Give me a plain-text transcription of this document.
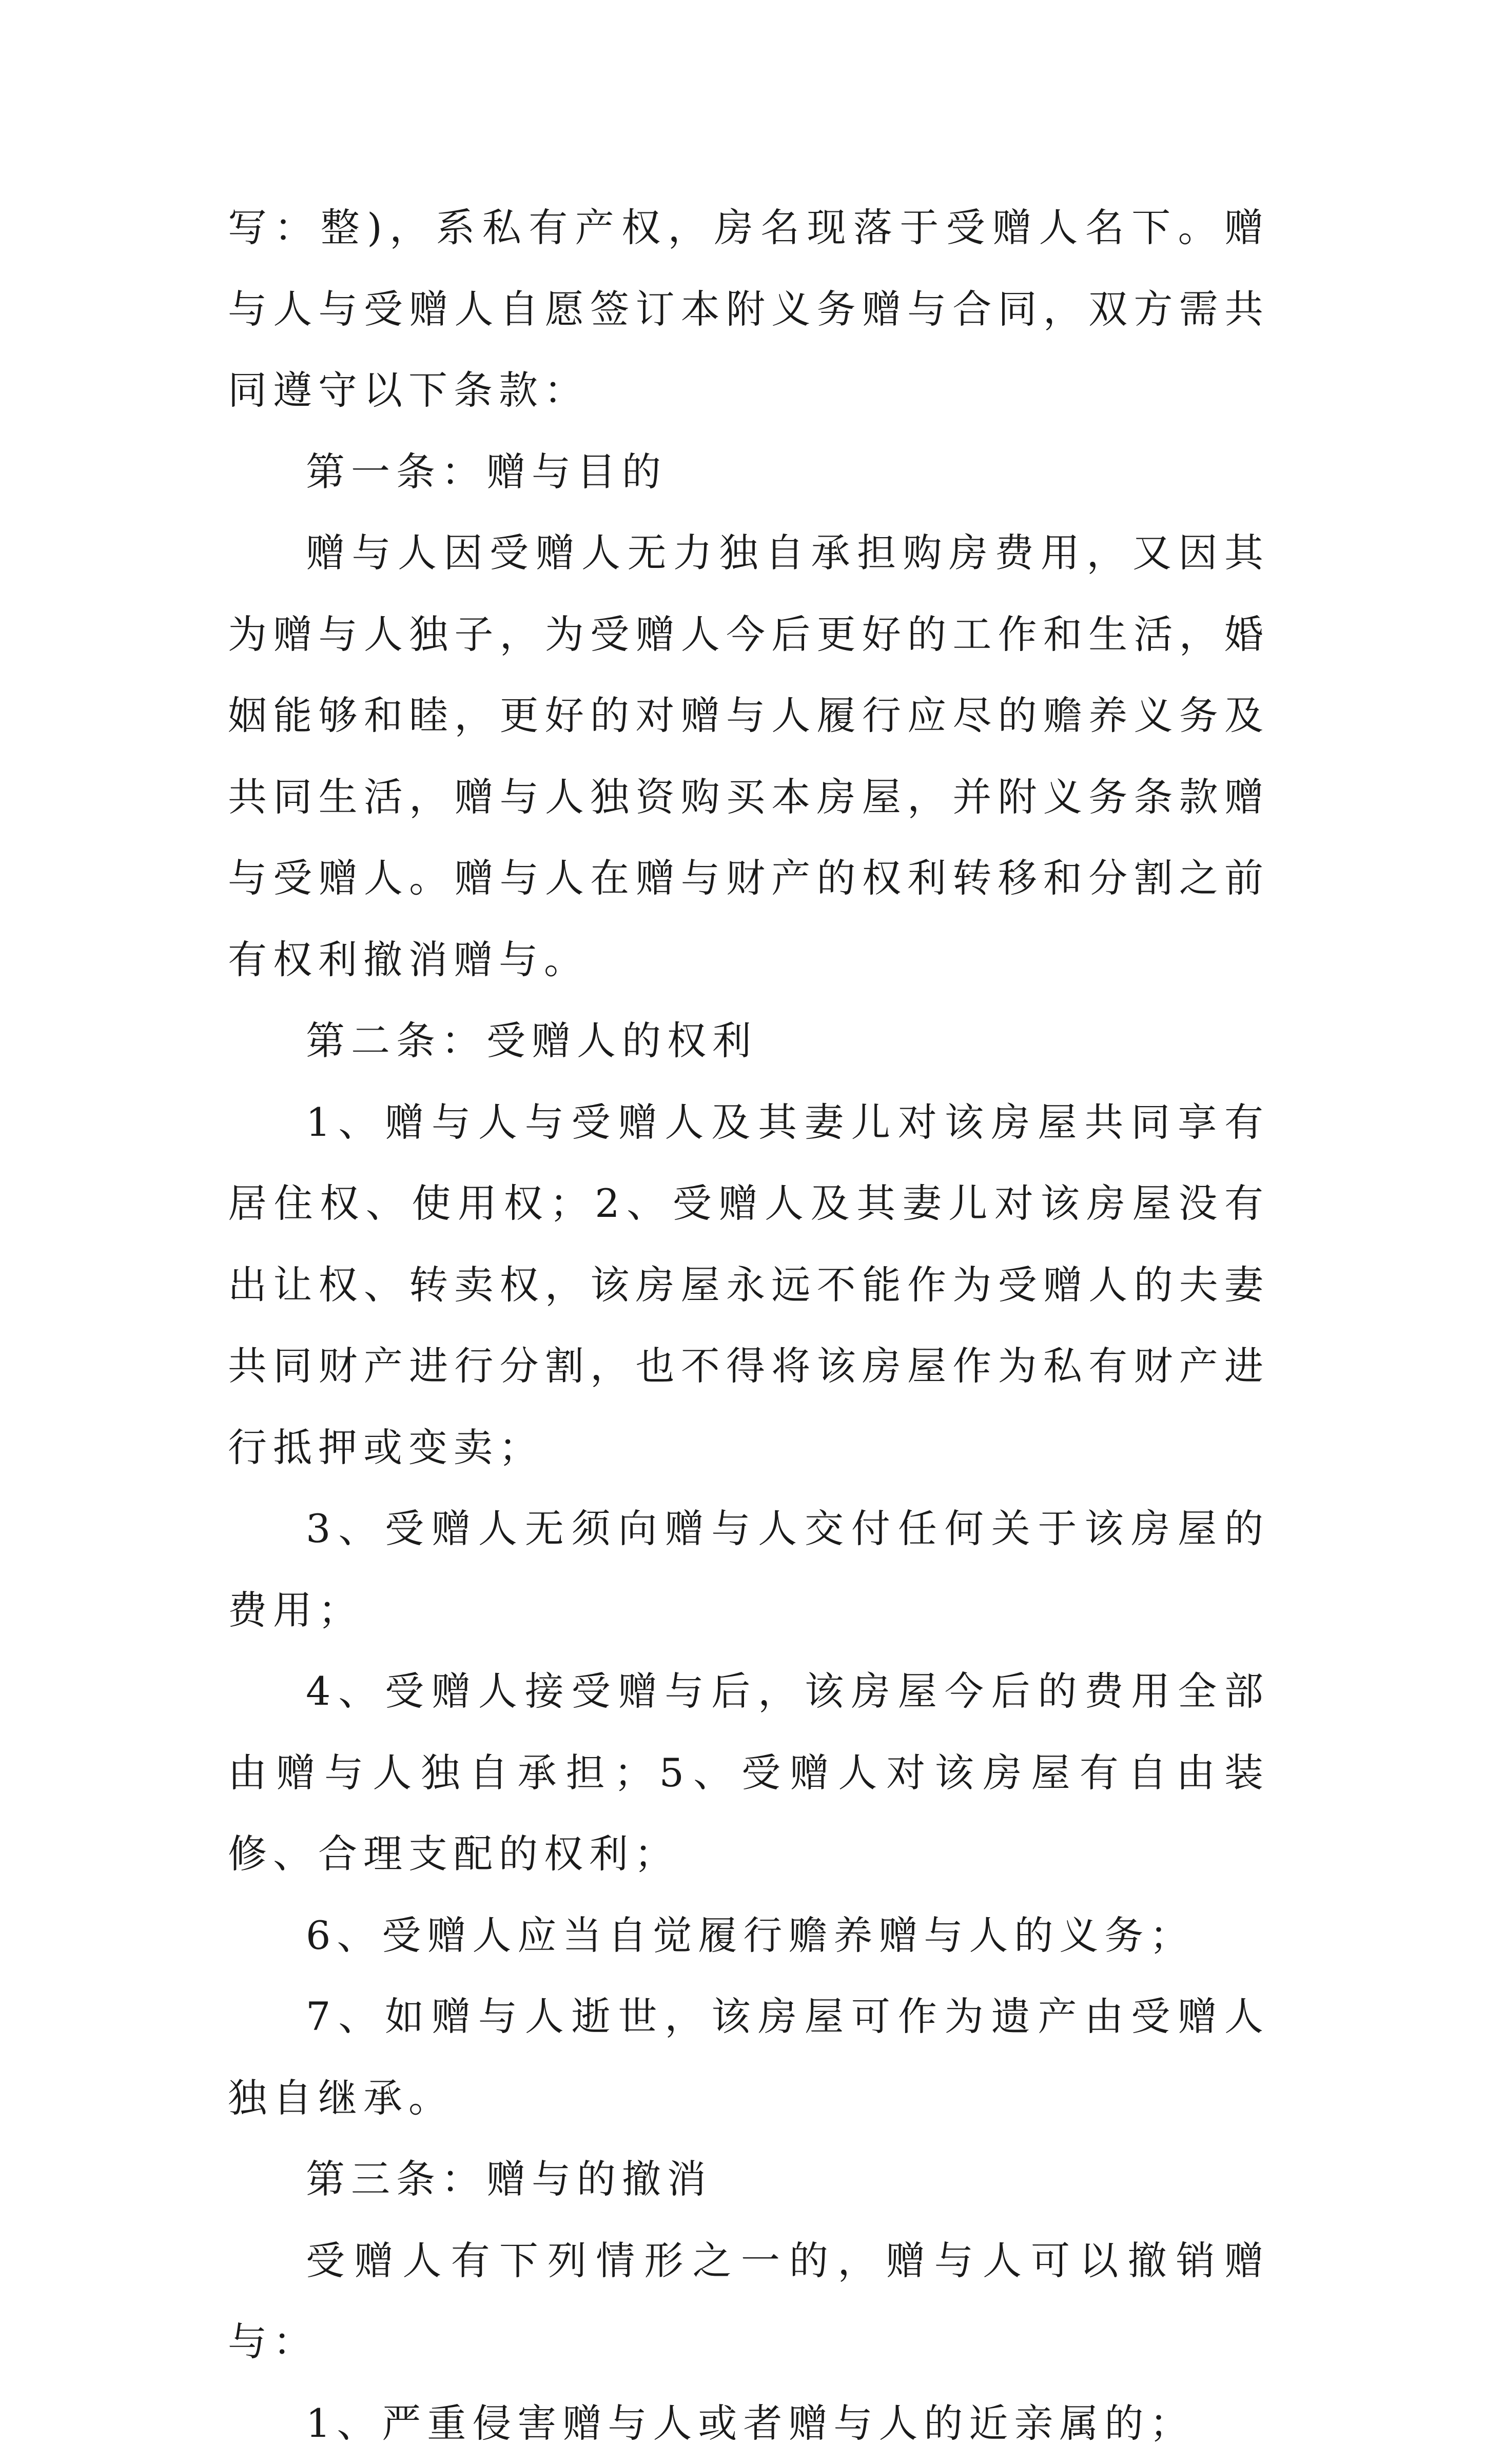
写：整)，系私有产权，房名现落于受赠人名下。赠与人与受赠人自愿签订本附义务赠与合同，双方需共同遵守以下条款：

第一条：赠与目的

赠与人因受赠人无力独自承担购房费用，又因其为赠与人独子，为受赠人今后更好的工作和生活，婚姻能够和睦，更好的对赠与人履行应尽的赡养义务及共同生活，赠与人独资购买本房屋，并附义务条款赠与受赠人。赠与人在赠与财产的权利转移和分割之前有权利撤消赠与。

第二条：受赠人的权利

1、赠与人与受赠人及其妻儿对该房屋共同享有居住权、使用权；2、受赠人及其妻儿对该房屋没有出让权、转卖权，该房屋永远不能作为受赠人的夫妻共同财产进行分割，也不得将该房屋作为私有财产进行抵押或变卖；

3、受赠人无须向赠与人交付任何关于该房屋的费用；

4、受赠人接受赠与后，该房屋今后的费用全部由赠与人独自承担；5、受赠人对该房屋有自由装修、合理支配的权利；

6、受赠人应当自觉履行赡养赠与人的义务；

7、如赠与人逝世，该房屋可作为遗产由受赠人独自继承。

第三条：赠与的撤消

受赠人有下列情形之一的，赠与人可以撤销赠与：

1、严重侵害赠与人或者赠与人的近亲属的；
